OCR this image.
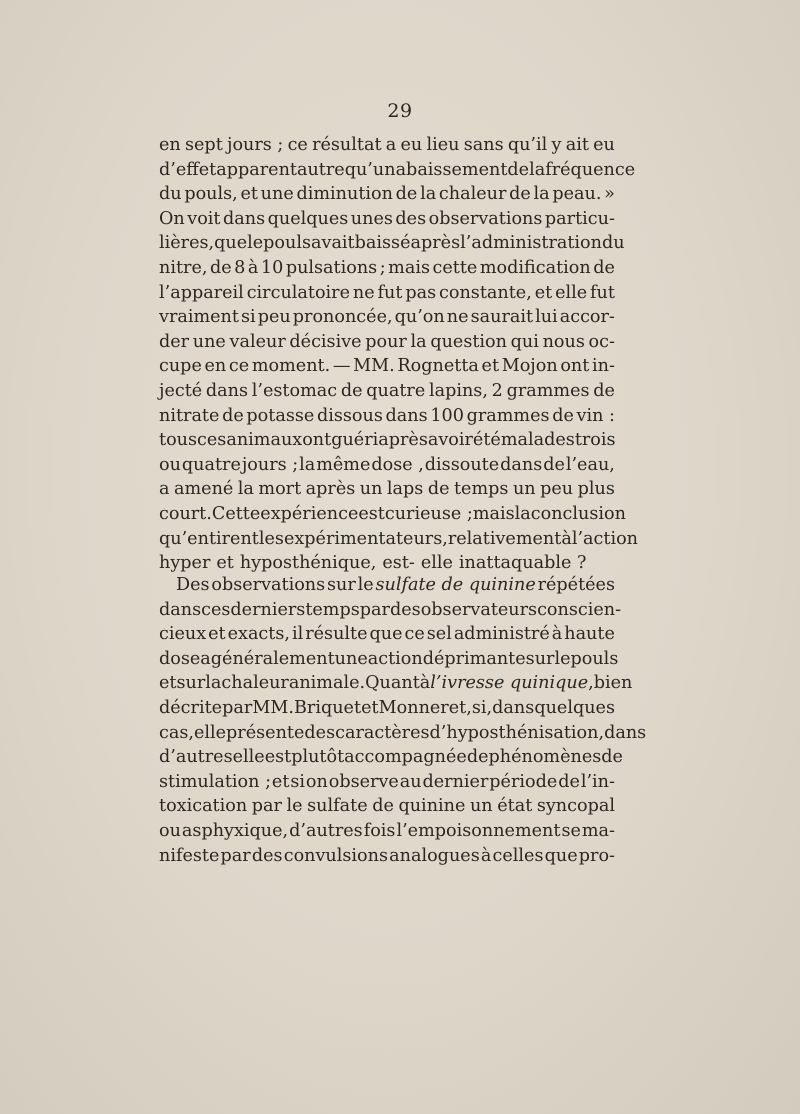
29
en sept jours ; ce résultat a eu lieu sans qu’il y ait eu
d’effet apparent autre qu’un abaissement de la fréquence
du pouls, et une diminution de la chaleur de la peau. »
On voit dans quelques unes des observations particu-
lières, que le pouls avait baissé après l’administration du
nitre, de 8 à 10 pulsations ; mais cette modification de
l’appareil circulatoire ne fut pas constante, et elle fut
vraiment si peu prononcée, qu’on ne saurait lui accor-
der une valeur décisive pour la question qui nous oc-
cupe en ce moment. — MM. Rognetta et Mojon ont in-
jecté dans l’estomac de quatre lapins, 2 grammes de
nitrate de potasse dissous dans 100 grammes de vin :
tous ces animaux ont guéri après avoir été malades trois
ou quatre jours ; la même dose , dissoute dans de l’eau,
a amené la mort après un laps de temps un peu plus
court. Cette expérience est curieuse ; mais la conclusion
qu’en tirent les expérimentateurs, relativement à l’action
hyper et hyposthénique, est- elle inattaquable ?
Des observations sur le sulfate de quinine répétées
dans ces derniers temps par des observateurs conscien-
cieux et exacts, il résulte que ce sel administré à haute
dose a généralement une action déprimante sur le pouls
et sur la chaleur animale. Quant à l’ivresse quinique, bien
décrite par MM. Briquet et Monneret, si, dans quelques
cas, elle présente des caractères d’hyposthénisation, dans
d’autres elle est plutôt accompagnée de phénomènes de
stimulation ; et si on observe au dernier période de l’in-
toxication par le sulfate de quinine un état syncopal
ou asphyxique, d’autres fois l’empoisonnement se ma-
nifeste par des convulsions analogues à celles que pro-
